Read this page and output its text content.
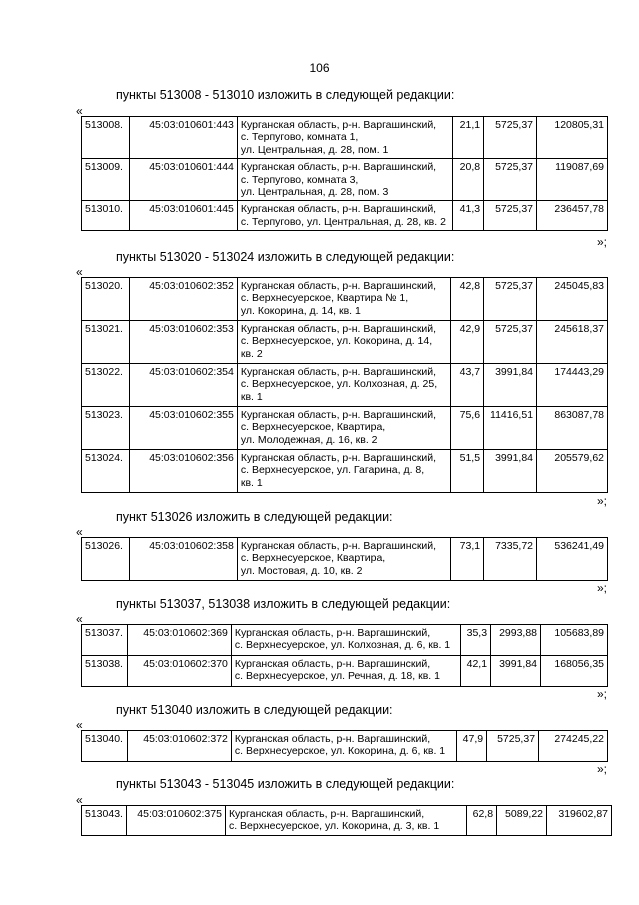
106
пункты 513008 - 513010 изложить в следующей редакции:
«
513008.	45:03:010601:443	Курганская область, р-н. Варгашинский,
с. Терпугово, комната 1,
ул. Центральная, д. 28, пом. 1	21,1	5725,37	120805,31
513009.	45:03:010601:444	Курганская область, р-н. Варгашинский,
с. Терпугово, комната 3,
ул. Центральная, д. 28, пом. 3	20,8	5725,37	119087,69
513010.	45:03:010601:445	Курганская область, р-н. Варгашинский,
с. Терпугово, ул. Центральная, д. 28, кв. 2	41,3	5725,37	236457,78
»;
пункты 513020 - 513024 изложить в следующей редакции:
«
513020.	45:03:010602:352	Курганская область, р-н. Варгашинский,
с. Верхнесуерское, Квартира № 1,
ул. Кокорина, д. 14, кв. 1	42,8	5725,37	245045,83
513021.	45:03:010602:353	Курганская область, р-н. Варгашинский,
с. Верхнесуерское, ул. Кокорина, д. 14,
кв. 2	42,9	5725,37	245618,37
513022.	45:03:010602:354	Курганская область, р-н. Варгашинский,
с. Верхнесуерское, ул. Колхозная, д. 25,
кв. 1	43,7	3991,84	174443,29
513023.	45:03:010602:355	Курганская область, р-н. Варгашинский,
с. Верхнесуерское, Квартира,
ул. Молодежная, д. 16, кв. 2	75,6	11416,51	863087,78
513024.	45:03:010602:356	Курганская область, р-н. Варгашинский,
с. Верхнесуерское, ул. Гагарина, д. 8,
кв. 1	51,5	3991,84	205579,62
»;
пункт 513026 изложить в следующей редакции:
«
513026.	45:03:010602:358	Курганская область, р-н. Варгашинский,
с. Верхнесуерское, Квартира,
ул. Мостовая, д. 10, кв. 2	73,1	7335,72	536241,49
»;
пункты 513037, 513038 изложить в следующей редакции:
«
513037.	45:03:010602:369	Курганская область, р-н. Варгашинский,
с. Верхнесуерское, ул. Колхозная, д. 6, кв. 1	35,3	2993,88	105683,89
513038.	45:03:010602:370	Курганская область, р-н. Варгашинский,
с. Верхнесуерское, ул. Речная, д. 18, кв. 1	42,1	3991,84	168056,35
»;
пункт 513040 изложить в следующей редакции:
«
513040.	45:03:010602:372	Курганская область, р-н. Варгашинский,
с. Верхнесуерское, ул. Кокорина, д. 6, кв. 1	47,9	5725,37	274245,22
»;
пункты 513043 - 513045 изложить в следующей редакции:
«
513043.	45:03:010602:375	Курганская область, р-н. Варгашинский,
с. Верхнесуерское, ул. Кокорина, д. 3, кв. 1	62,8	5089,22	319602,87
